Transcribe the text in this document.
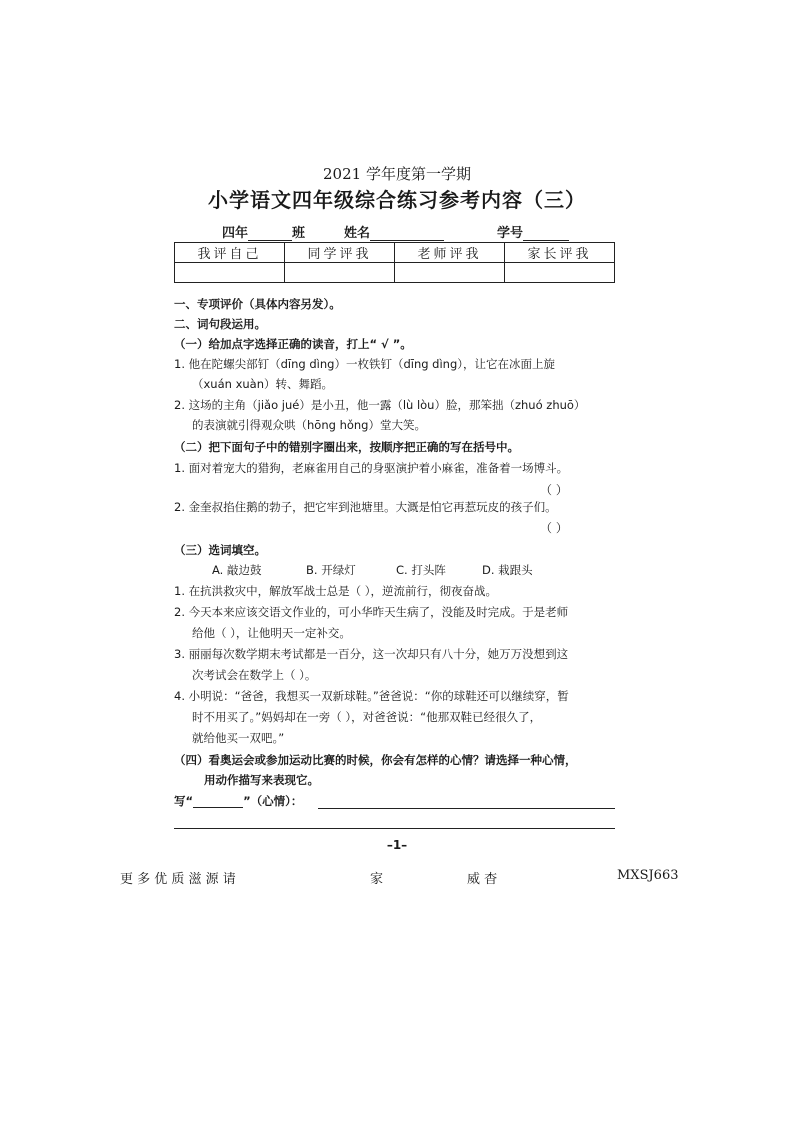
2021 学年度第一学期
小学语文四年级综合练习参考内容（三）
四年	班	姓名	学号
我评自己	同学评我	老师评我	家长评我

一、专项评价（具体内容另发）。
二、词句段运用。
（一）给加点字选择正确的读音，打上“ √ ”。
1. 他在陀螺尖部钉（dīng dìng）一枚铁钉（dīng dìng），让它在冰面上旋
（xuán xuàn）转、舞蹈。
2. 这场的主角（jiǎo jué）是小丑，他一露（lù lòu）脸，那笨拙（zhuó zhuō）
的表演就引得观众哄（hōng hǒng）堂大笑。
（二）把下面句子中的错别字圈出来，按顺序把正确的写在括号中。
1. 面对着宠大的猎狗，老麻雀用自己的身驱演护着小麻雀，准备着一场博斗。
（ ）
2. 金奎叔掐住鹅的勃子，把它牢到池塘里。大溉是怕它再惹玩皮的孩子们。
（ ）
（三）选词填空。
A. 敲边鼓	B. 开绿灯	C. 打头阵	D. 栽跟头
1. 在抗洪救灾中，解放军战士总是（ ），逆流前行，彻夜奋战。
2. 今天本来应该交语文作业的，可小华昨天生病了，没能及时完成。于是老师
给他（ ），让他明天一定补交。
3. 丽丽每次数学期末考试都是一百分，这一次却只有八十分，她万万没想到这
次考试会在数学上（ ）。
4. 小明说：“爸爸，我想买一双新球鞋。”爸爸说：“你的球鞋还可以继续穿，暂
时不用买了。”妈妈却在一旁（ ），对爸爸说：“他那双鞋已经很久了，
就给他买一双吧。”
（四）看奥运会或参加运动比赛的时候，你会有怎样的心情？请选择一种心情，
用动作描写来表现它。
写“	”（心情）：
–1–
更 多 优 质 滋 源 请	家	威 杳	MXSJ663
